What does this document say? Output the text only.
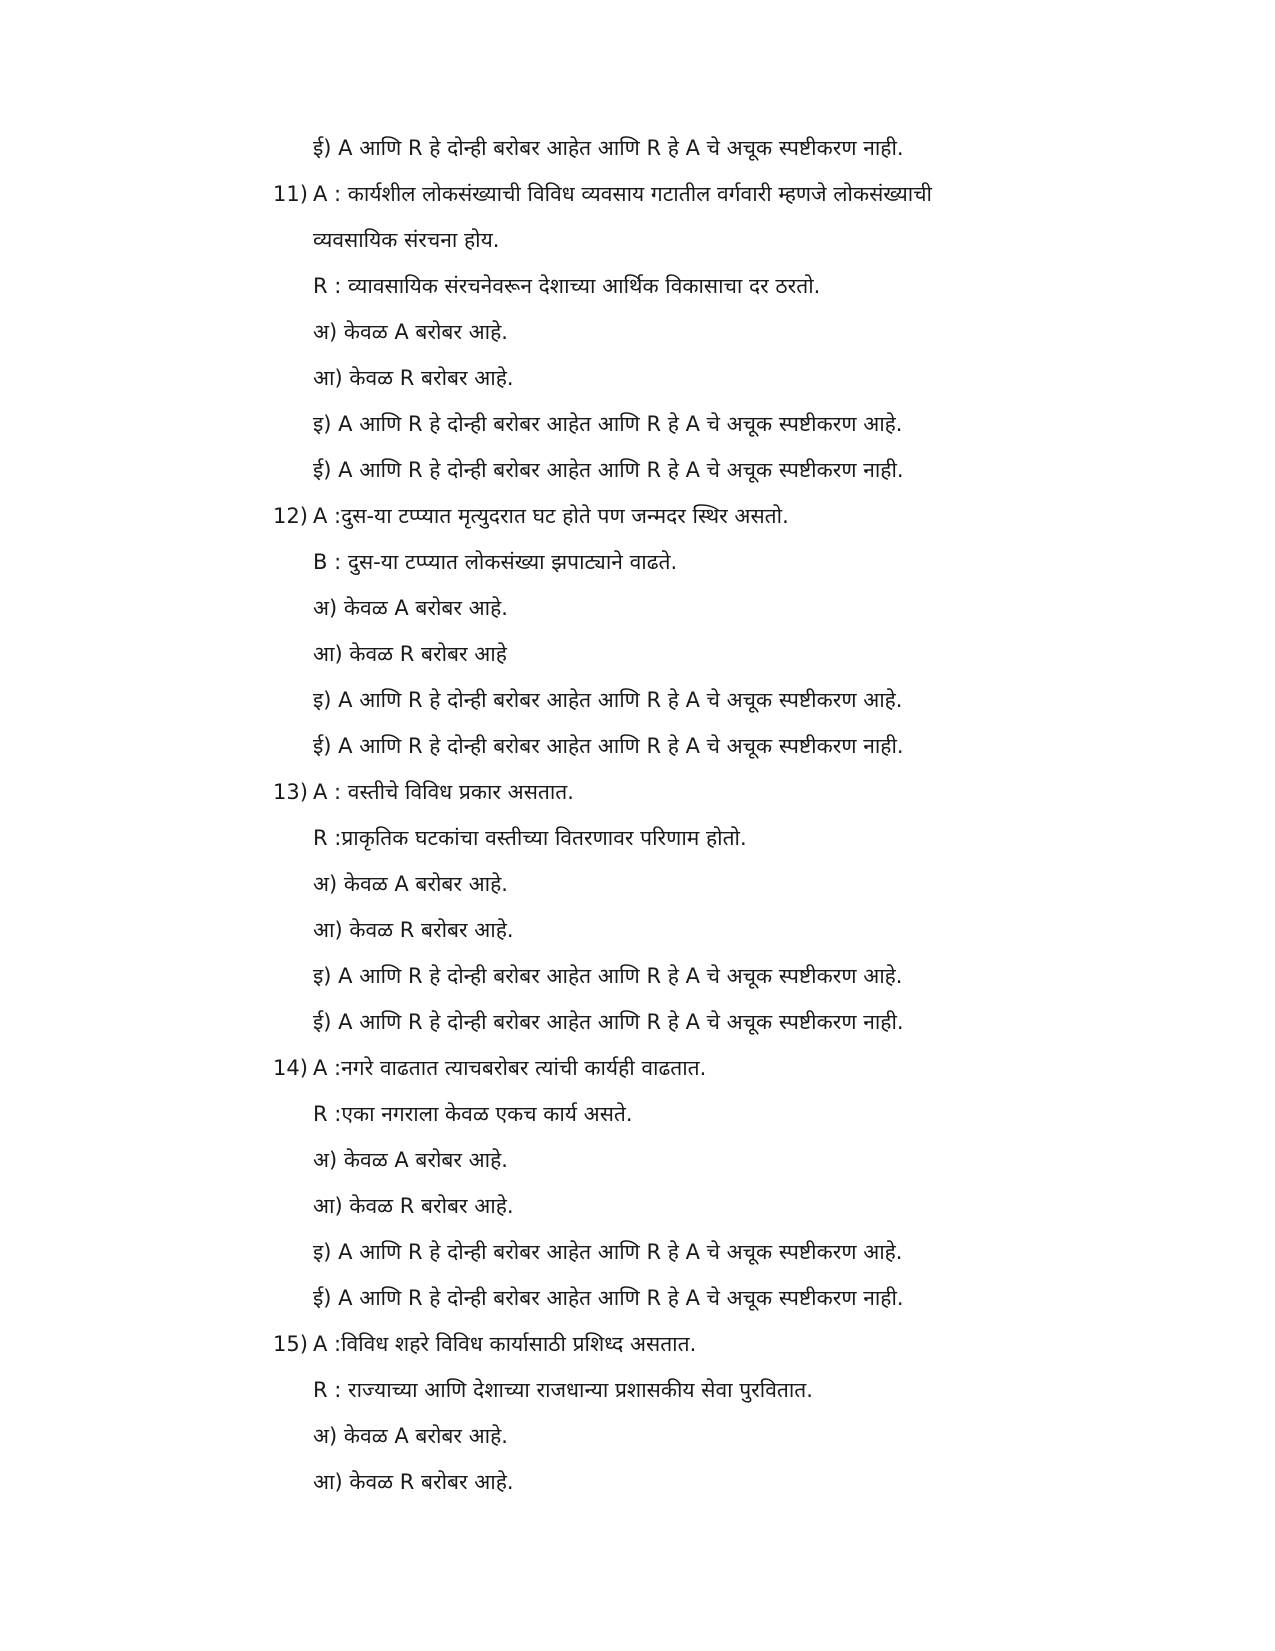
ई) A आणि R हे दोन्ही बरोबर आहेत आणि R हे A चे अचूक स्पष्टीकरण नाही.
11) A : कार्यशील लोकसंख्याची विविध व्यवसाय गटातील वर्गवारी म्हणजे लोकसंख्याची
व्यवसायिक संरचना होय.
R : व्यावसायिक संरचनेवरून देशाच्या आर्थिक विकासाचा दर ठरतो.
अ) केवळ A बरोबर आहे.
आ) केवळ R बरोबर आहे.
इ) A आणि R हे दोन्ही बरोबर आहेत आणि R हे A चे अचूक स्पष्टीकरण आहे.
ई) A आणि R हे दोन्ही बरोबर आहेत आणि R हे A चे अचूक स्पष्टीकरण नाही.
12) A :दुस-या टप्प्यात मृत्युदरात घट होते पण जन्मदर स्थिर असतो.
B : दुस-या टप्प्यात लोकसंख्या झपाट्याने वाढते.
अ) केवळ A बरोबर आहे.
आ) केवळ R बरोबर आहे
इ) A आणि R हे दोन्ही बरोबर आहेत आणि R हे A चे अचूक स्पष्टीकरण आहे.
ई) A आणि R हे दोन्ही बरोबर आहेत आणि R हे A चे अचूक स्पष्टीकरण नाही.
13) A : वस्तीचे विविध प्रकार असतात.
R :प्राकृतिक घटकांचा वस्तीच्या वितरणावर परिणाम होतो.
अ) केवळ A बरोबर आहे.
आ) केवळ R बरोबर आहे.
इ) A आणि R हे दोन्ही बरोबर आहेत आणि R हे A चे अचूक स्पष्टीकरण आहे.
ई) A आणि R हे दोन्ही बरोबर आहेत आणि R हे A चे अचूक स्पष्टीकरण नाही.
14) A :नगरे वाढतात त्याचबरोबर त्यांची कार्यही वाढतात.
R :एका नगराला केवळ एकच कार्य असते.
अ) केवळ A बरोबर आहे.
आ) केवळ R बरोबर आहे.
इ) A आणि R हे दोन्ही बरोबर आहेत आणि R हे A चे अचूक स्पष्टीकरण आहे.
ई) A आणि R हे दोन्ही बरोबर आहेत आणि R हे A चे अचूक स्पष्टीकरण नाही.
15) A :विविध शहरे विविध कार्यासाठी प्रशिध्द असतात.
R : राज्याच्या आणि देशाच्या राजधान्या प्रशासकीय सेवा पुरवितात.
अ) केवळ A बरोबर आहे.
आ) केवळ R बरोबर आहे.
